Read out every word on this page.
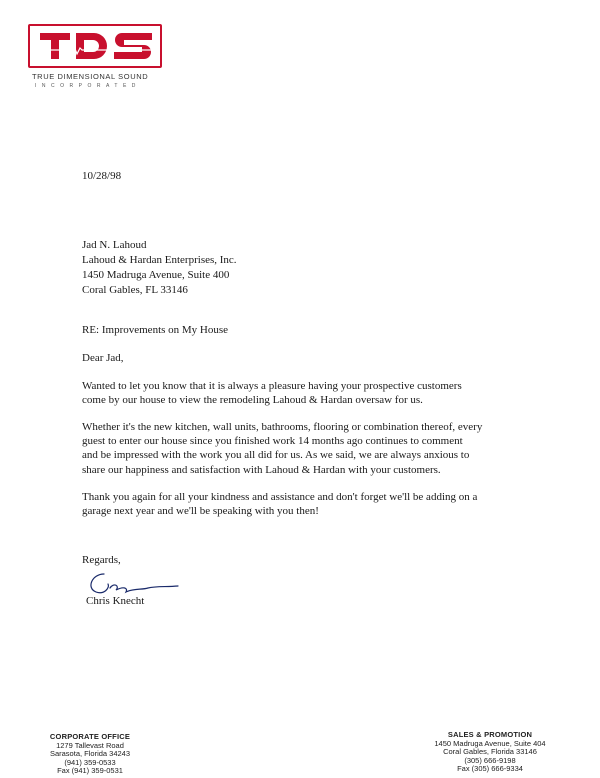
TRUE DIMENSIONAL SOUND
INCORPORATED
10/28/98
Jad N. Lahoud
Lahoud & Hardan Enterprises, Inc.
1450 Madruga Avenue, Suite 400
Coral Gables, FL 33146
RE: Improvements on My House
Dear Jad,
Wanted to let you know that it is always a pleasure having your prospective customers
come by our house to view the remodeling Lahoud & Hardan oversaw for us.
Whether it's the new kitchen, wall units, bathrooms, flooring or combination thereof, every
guest to enter our house since you finished work 14 months ago continues to comment
and be impressed with the work you all did for us. As we said, we are always anxious to
share our happiness and satisfaction with Lahoud & Hardan with your customers.
Thank you again for all your kindness and assistance and don't forget we'll be adding on a
garage next year and we'll be speaking with you then!
Regards,
Chris Knecht
CORPORATE OFFICE
1279 Tallevast Road
Sarasota, Florida 34243
(941) 359-0533
Fax (941) 359-0531
SALES & PROMOTION
1450 Madruga Avenue, Suite 404
Coral Gables, Florida 33146
(305) 666-9198
Fax (305) 666-9334
